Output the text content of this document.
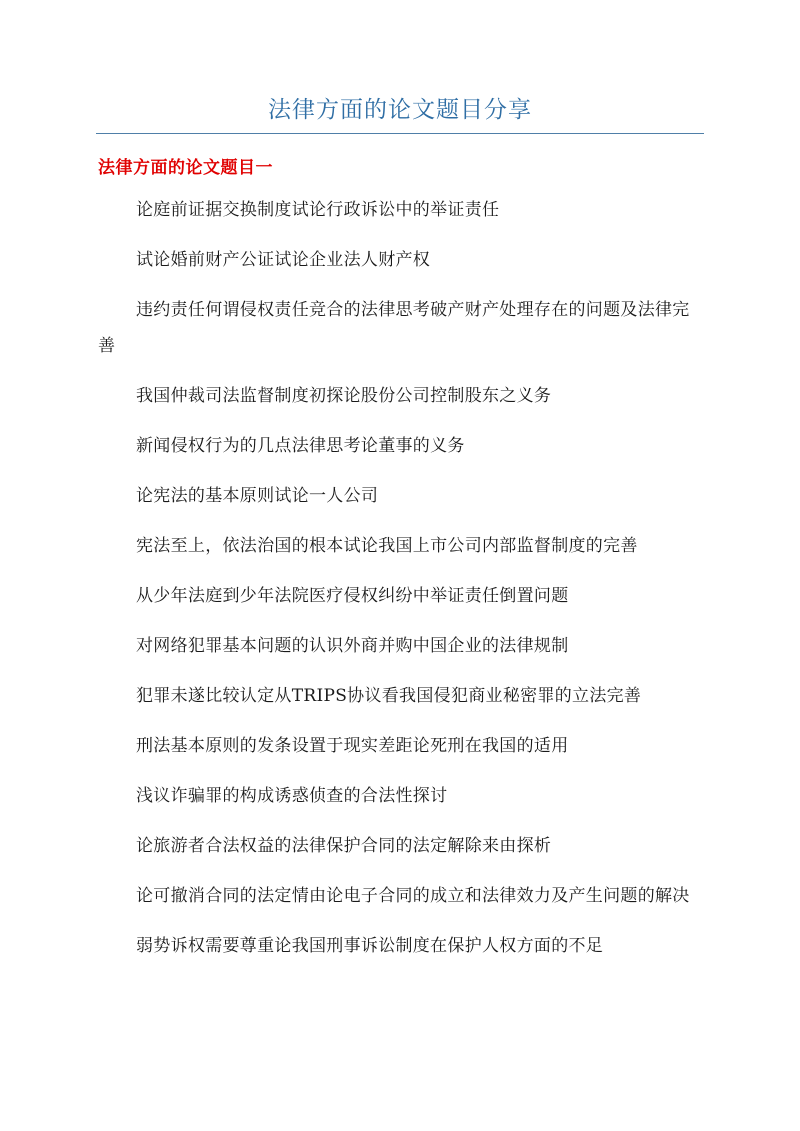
法律方面的论文题目分享
法律方面的论文题目一
论庭前证据交换制度试论行政诉讼中的举证责任
试论婚前财产公证试论企业法人财产权
违约责任何谓侵权责任竞合的法律思考破产财产处理存在的问题及法律完善
我国仲裁司法监督制度初探论股份公司控制股东之义务
新闻侵权行为的几点法律思考论董事的义务
论宪法的基本原则试论一人公司
宪法至上，依法治国的根本试论我国上市公司内部监督制度的完善
从少年法庭到少年法院医疗侵权纠纷中举证责任倒置问题
对网络犯罪基本问题的认识外商并购中国企业的法律规制
犯罪未遂比较认定从TRIPS协议看我国侵犯商业秘密罪的立法完善
刑法基本原则的发条设置于现实差距论死刑在我国的适用
浅议诈骗罪的构成诱惑侦查的合法性探讨
论旅游者合法权益的法律保护合同的法定解除来由探析
论可撤消合同的法定情由论电子合同的成立和法律效力及产生问题的解决
弱势诉权需要尊重论我国刑事诉讼制度在保护人权方面的不足
